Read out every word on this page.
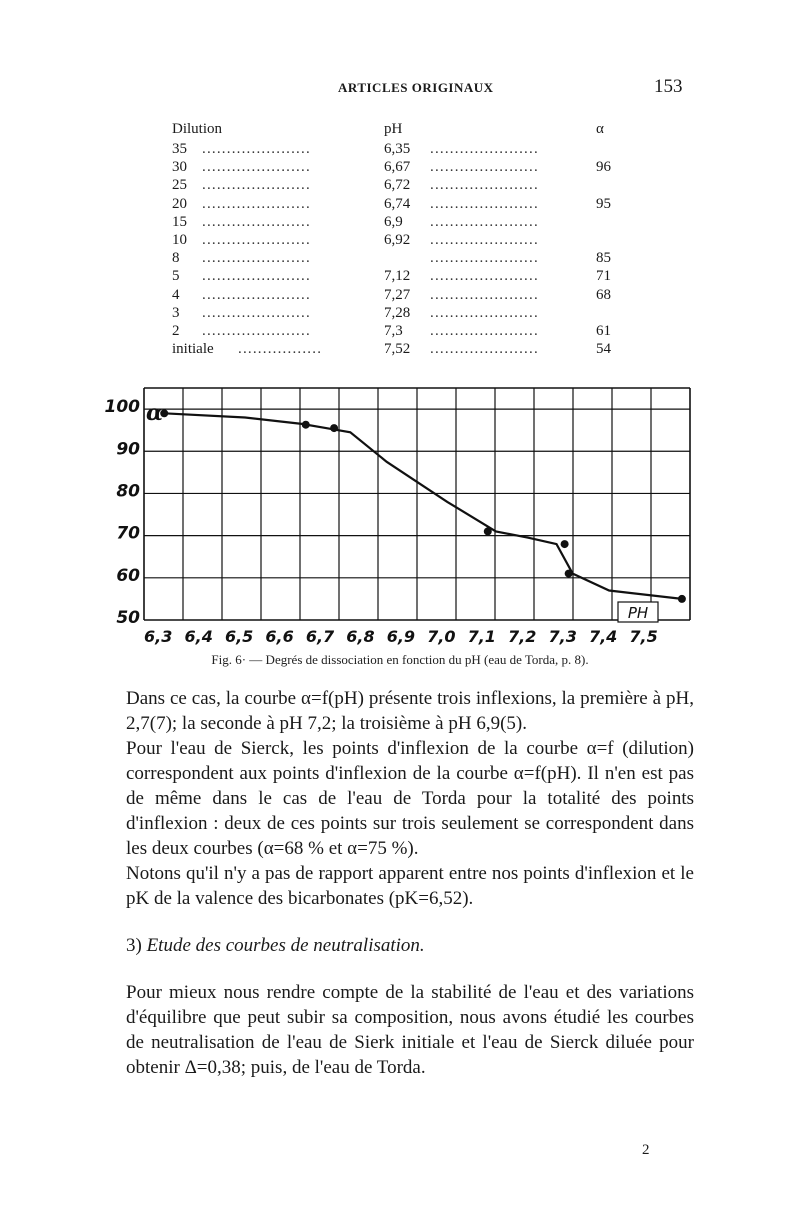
ARTICLES ORIGINAUX	153
Dilution	pH	α
35 ......................	6,35 ......................
30 ......................	6,67 ......................	96
25 ......................	6,72 ......................
20 ......................	6,74 ......................	95
15 ......................	6,9 ......................
10 ......................	6,92 ......................
8 ......................	......................	85
5 ......................	7,12 ......................	71
4 ......................	7,27 ......................	68
3 ......................	7,28 ......................
2 ......................	7,3 ......................	61
initiale .................	7,52 ......................	54
100
90
80
70
60
50
6,3 6,4 6,5 6,6 6,7 6,8 6,9 7,0 7,1 7,2 7,3 7,4 7,5
α
PH
Fig. 6· — Degrés de dissociation en fonction du pH (eau de Torda, p. 8).

Dans ce cas, la courbe α=f(pH) présente trois inflexions, la première à pH, 2,7(7); la seconde à pH 7,2; la troisième à pH 6,9(5).

Pour l'eau de Sierck, les points d'inflexion de la courbe α=f (dilution) correspondent aux points d'inflexion de la courbe α=f(pH). Il n'en est pas de même dans le cas de l'eau de Torda pour la totalité des points d'inflexion : deux de ces points sur trois seulement se correspondent dans les deux courbes (α=68 % et α=75 %).

Notons qu'il n'y a pas de rapport apparent entre nos points d'inflexion et le pK de la valence des bicarbonates (pK=6,52).

3) Etude des courbes de neutralisation.

Pour mieux nous rendre compte de la stabilité de l'eau et des variations d'équilibre que peut subir sa composition, nous avons étudié les courbes de neutralisation de l'eau de Sierk initiale et l'eau de Sierck diluée pour obtenir Δ=0,38; puis, de l'eau de Torda.

2
